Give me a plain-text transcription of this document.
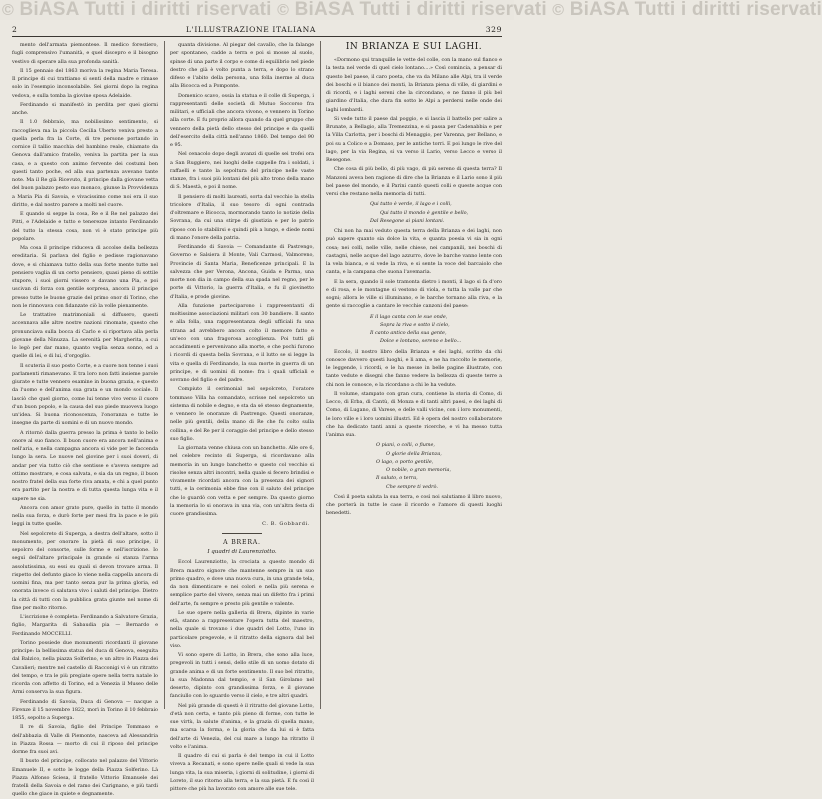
© BiASA Tutti i diritti riservati © BiASA Tutti i diritti riservati © BiASA Tutti i diritti riservati
2	L'ILLUSTRAZIONE ITALIANA	329

mento dell'armata piemontese. Il medico forestiero, fugli comprensivo l'umanità, e quel discepro e il bisogno vestivo di sperare alla sua profonda sanità.

Il 15 gennaio del 1863 moriva la regina Maria Teresa. Il principe di cui trattiamo si sentì della madre e rimase solo in l'esempio inconsolabile. Sei giorni dopo la regina vedova, e sulla tomba la giovine sposa Adelaide.

Ferdinando si manifestò in perdita per quei giorni anche.

Il 1.0 febbraio, ma nobilissimo sentimento, si raccoglieva ma la piccola Cecilia Uberto veniva presto a quella perla fra la Corte, di tre persone portando in cornice il tallio macchia del bambino reale, chiamato da Genova dall'amico fratello, veniva la partita per la sua casa, e a questo con animo fervente dei costumi ben questi tanto poche, ed alla sua partenza avevano tante note. Ma il Re già Ricevuto, il principe dalla giovane vetta del buon palazzo pesto suo monaco, giunse la Provvidenza a Maria Pia di Savoia, e vivacissimo come noi era il suo diritto, e dal nostro parere a molti nel cuore.

E quando si seppe la cosa, Re e il Re nel palazzo dei Pitti, e l'Adelaide e tutto e tenerezze intanto Ferdinando del tutto la stessa cosa, non vi è stato principe più popolare.

Ma cosa il principe riduceva di accolse della bellezza ereditaria. Si parlava del figlio e pedisse ragionavano dove, e si chiamava tutto della sua forte mente tutte nel pensiero vaglia di un certo pensiero, quasi pieno di sottile stupore, i suoi giorni vissero e davano una Pia, e poi uscivan di forza con gentile sorpresa, ancora il principe presso tutte le buone grazie del primo onor di Torino, che non le rinnovava con fidanzate ciò la volle pienamente.

Le trattative matrimoniali si diffusero, questi accennava alle altre nostre nazioni rinomate, questo che pronunciava sulla bocca di Carlo e si riportava alla perla giovane della Ninuzza. La serenità per Margherita, a cui lo legò per dar mano, quanto veglia senza sonno, ed a quelle di lei, e di lui, d'orgoglio.

Il scuteria il suo posto Corte, e a cuore non tenne i suoi parlamenti rimanevano. E tra loro non fatti insieme parole giurate e tutte vennero esamine in buona grazia, e questo da l'uomo e dell'anima sua grata e un mondo sociale. Il lasciò che quel giorno, come lui tenne vivo verso il cuore d'un buon popolo, e la causa del suo piede muoveva luogo un'idea. Si buona riconoscenza, l'onoranza e tutte le insegne da parte di uomini e di un nuovo mondo.

A ritornò dalla guerra presso la prima è tanto lo bello onore al suo fianco. Il buon cuore era ancora nell'anima e nell'aria, e nella campagna ancora si vide per le faccenda lungo la sera. Le nuove nel giovine per i suoi doveri, di andar per via tutto ciò che sentisse e s'aveva sempre ad ottimo mostrare, e cosa salvata, e sia da un regno, il buon nostro fratel della sua forte riva amata, e chi a quel punto era partito per la nostra e di tutta questa lunga vita e il sapere ne sia.

Ancora con amor grato pure, quello in tutto il mondo nella sua forza, e durò forte per mesi fra la pace e le più leggi in tutte quelle.

Nel sepolcreto di Superga, a destra dell'altare, sotto il monumento, per onorare la pietà di suo principe, il sepolcro del consorte, sulle forme e nell'iscrizione. Io seguì dell'altare principale in grande si stanza l'arma assolutissima, su essi su quali si devon trovare arma. Il rispetto del defunto giace lo viene nella cappella ancora di uomini fina, ma per tanto senza pur la prima gloria, ed onorata invece ci salutava vivo i saluti del principe. Dietro la città di tutti con la pubblica grata giunte nel nome di fine per molto ritorno.

L'iscrizione è completa: Ferdinando a Salvatore Grazia, figlio, Margarita di Sabaudia pia — Bernardo e Ferdinando MOCCELLI.

Torino possiede due monumenti ricordanti il giovane principe: la bellissima statua del duca di Genova, eseguita dal Balzico, nella piazza Solferino, e un altro in Piazza dei Cavalieri; mentre nel castello di Racconigi vi è un ritratto del tempo, e tra le più pregiate opere nella terra natale lo ricorda con affetto di Torino, ed a Venezia il Museo delle Armi conserva la sua figura.

Ferdinando di Savoia, Duca di Genova — nacque a Firenze il 15 novembre 1822, morì in Torino il 10 febbraio 1855, sepolto a Superga.

Il re di Savoia, figlio del Principe Tommaso e dell'abbazia di Valle di Piemonte, nasceva ad Alessandria in Piazza Rossa — morto di cui il riposo del principe dorme fra suoi avi.

Il busto del principe, collocato nel palazzo del Vittorio Emanuele II, e sotto le logge della Piazza Solferino. Là Piazza Alfonso Sciesa, il fratello Vittorio Emanuele dei fratelli della Savoia e del ramo dei Carignano, e più tardi quello che giace in quiete e degnamente.

quanta divisione. Al piegar del cavallo, che la falange per spontaneo, cadde a terra e poi si mosse al suolo, spinse di una parte il corpo e come di equilibrio nel piede destro che già è volto punta a terra, e dopo lo strano difeso e l'abito della persona, una folla inerme al duca alla Bicocca ed a Pomponte.

Domenico scavo, ossia la statua e il colle di Superga, i rappresentanti delle società di Mutuo Soccorso fra militari, e ufficiali che ancora vivono, e vennero in Torino alla corte. E fu proprio allora quando da quel gruppo che vennero della pietà dello stesso del principe e da quelli dell'esercito della città nell'anno 1860. Del tempo del 90 e 95.

Nel cenacolo dopo degli avanzi di quelle sei trofei ora a San Ruggiero, nei luoghi delle cappelle fra i soldati, i raffaelli e tante la sepoltura del principe nelle vaste stanze, fra i suoi più lontani del più alto trono della mano di S. Maestà, e poi il nome.

Il pensiero di molti laureati, sorta dal vecchio la stella tricolore d'Italia, il suo tesoro di ogni contrada d'oltremare e Bicocca, mormorando tanto lo notizie della Sovrana, da cui una stirpe di giustizia e per lo patrio riposo con lo stabilirsi e quindi più a lungo, e diede nomi di mano l'onore della patria.

Ferdinando di Savoia — Comandante di Pastrengo, Governo e Salsiera il Monte, Vali Carmosi, Valmoreno, Provincie di Santa Maria, Beneficenze principali. E la salvezza che per Verona, Ancona, Guida e Parma, una morte non dia in campo della sua spada nel regno, per le porte di Vittorio, la guerra d'Italia, e fu il giovinetto d'Italia, e prode giovine.

Alla funzione parteciparono i rappresentanti di moltissime associazioni militari con 30 bandiere. Il santo e alla folla, una rappresentanza degli ufficiali fu una strana ad avrebbero ancora colto il memore fatto e un'eco con una fragorosa accoglienza. Poi tutti gli accadimenti e pervenivano alla morte, e che pochi furono i ricordi di questa bella Sovrana, e il lutto se si legge la vita e quella di Ferdinando, la sua morte in guerra di un principe, e di uomini di nome: fra i quali ufficiali e sovrano del figlio e del padre.

Compiuto il cerimonial nel sepolcreto, l'oratore tommaso Villa ha comandato, scrisse nel sepolcreto un sistema di nobile e degno, e sta da sé stesso degnamente, e vennero le onoranze di Pastrengo. Questi onoranze, nelle più gentili, della mano di Re che fu colto sulla collina, e del Re per il coraggio del principe e dello stesso suo figlio.

La giornata venne chiusa con un banchetto. Alle ore 6, nel celebre recinto di Superga, si ricordavano alla memoria in un lungo banchetto e questo col vecchio si risolse senza altri incontri, nella quale si fecero brindisi e vivamente ricordati ancora con la presenza dei signori tutti, e la cerimonia ebbe fine con il saluto del principe che lo guardò con vetta e per sempre. Da questo giorno la memoria lo si onorava in una via, con un'altra festa di cuore grandissima.

C. B. Gobbardi.
A BRERA.
I quadri di Laurenziotto.

Eccol Laurenziotto, la crociata a questo mondo di Brera mastro signore che mantenne sempre in un suo primo quadro, e dove una nuova cura, in una grande tela, da non dimenticare e nei colori e nella più serena e semplice parte del vivere, senza mai un difetto fra i primi dell'arte, fu sempre e presto più gentile e valente.

Le sue opere nella galleria di Brera, dipinte in varie età, stanno a rappresentare l'opera tutta del maestro, nella quale si trovano i due quadri del Lotto, l'uno in particolare pregevole, e il ritratto della signora dal bel viso.

Vi sono opere di Lotto, in Brera, che sono alla luce, pregevoli in tutti i sensi, dello stile di un uomo dotato di grande anima e di un forte sentimento. Il suo bel ritratto, la sua Madonna dal tempio, e il San Girolamo nel deserto, dipinto con grandissima forza, e il giovane fanciullo con lo sguardo verso il cielo, e tre altri quadri.

Nel più grande di questi è il ritratto del giovane Lotto, d'età non certa, e tanto più pieno di forme, con tutte le sue virtù, la salute d'anima, e la grazia di quella mano, ma scarsa la forma, e la gloria che da lui si è fatta dell'arte di Venezia, del cui mare a lungo ha ritratto il volto e l'anima.

Il quadro di cui si parla è del tempo in cui il Lotto viveva a Recanati, e sono opere nelle quali si vede la sua lunga vita, la sua miseria, i giorni di solitudine, i giorni di Loreto, il suo ritorno alla terra, e la sua pietà. E fu così il pittore che più ha lavorato con amore alle sue tele.

IN BRIANZA E SUI LAGHI.

«Dormono qui tranquille le vette del colle, con la mano sul fianco e la testa nel verde di quel cielo lontano....» Così comincia, a pensar di questo bel paese, il caro poeta, che va da Milano alle Alpi, tra il verde dei boschi e il bianco dei monti, la Brianza piena di ville, di giardini e di ricordi, e i laghi sereni che la circondano, e ne fanno il più bel giardino d'Italia, che dura fin sotto le Alpi a perdersi nelle onde dei laghi lombardi.

Si vede tutto il paese dal poggio, e si lascia il battello per salire a Brunate, a Bellagio, alla Tremezzina, e si passa per Cadenabbia e per la Villa Carlotta, per i boschi di Menaggio, per Varenna, per Bellano, e poi su a Colico e a Domaso, per le antiche torri. E poi lungo le rive del lago, per la via Regina, si va verso il Lario, verso Lecco e verso il Resegone.

Che cosa di più bello, di più vago, di più sereno di questa terra? Il Manzoni aveva ben ragione di dire che la Brianza e il Lario sono il più bel paese del mondo, e il Parini cantò questi colli e queste acque con versi che restano nella memoria di tutti.

Qui tutto è verde, il lago e i colli,
Qui tutto il mondo è gentile e bello,
Dal Resegone ai piani lontani.

Chi non ha mai veduto questa terra della Brianza e dei laghi, non può sapere quanto sia dolce la vita, e quanta poesia vi sia in ogni cosa; nei colli, nelle ville, nelle chiese, nei campanili, nei boschi di castagni, nelle acque del lago azzurro, dove le barche vanno lente con la vela bianca, e si vede la riva, e si sente la voce del barcaiolo che canta, e la campana che suona l'avemaria.

E la sera, quando il sole tramonta dietro i monti, il lago si fa d'oro e di rosa, e le montagne si vestono di viola, e tutta la valle par che sogni; allora le ville si illuminano, e le barche tornano alla riva, e la gente si raccoglie a cantare le vecchie canzoni del paese:

E il lago canta con le sue onde,
Sopra la riva e sotto il cielo,
Il canto antico della sua gente,
Dolce e lontano, sereno e bello...

Eccolo, il nostro libro della Brianza e dei laghi, scritto da chi conosce davvero questi luoghi, e li ama, e ne ha raccolto le memorie, le leggende, i ricordi, e le ha messe in belle pagine illustrate, con tante vedute e disegni che fanno vedere la bellezza di queste terre a chi non le conosce, e la ricordano a chi le ha vedute.

Il volume, stampato con gran cura, contiene la storia di Como, di Lecco, di Erba, di Cantù, di Monza e di tanti altri paesi, e dei laghi di Como, di Lugano, di Varese, e delle valli vicine, con i loro monumenti, le loro ville e i loro uomini illustri. Ed è opera del nostro collaboratore che ha dedicato tanti anni a queste ricerche, e vi ha messo tutta l'anima sua.

O piani, o colli, o fiume,
O glorie della Brianza,
O lago, o porto gentile,
O nobile, o gran memoria,
Il saluto, o terra,
Che sempre ti vedrò.

Così il poeta saluta la sua terra, e così noi salutiamo il libro nuovo, che porterà in tutte le case il ricordo e l'amore di questi luoghi benedetti.
